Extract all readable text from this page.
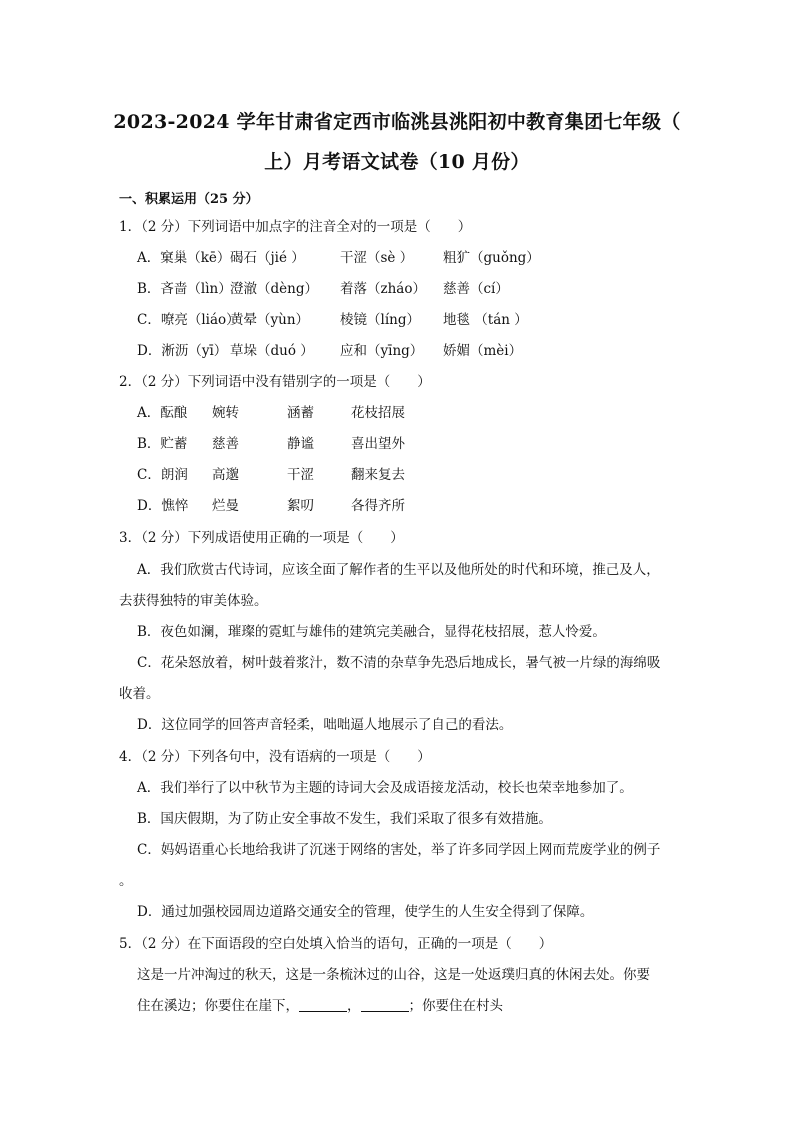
2023-2024 学年甘肃省定西市临洮县洮阳初中教育集团七年级（
上）月考语文试卷（10 月份）
一、积累运用（25 分）
1．（2 分）下列词语中加点字的注音全对的一项是（　　）
A．窠巢（kē）碣石（jié ）	干涩（sè ） 粗犷（guǒng）
B．吝啬（lìn）澄澈（dèng） 着落（zháo） 慈善（cí）
C．嘹亮（liáo）黄晕（yùn） 棱镜（líng） 地毯 （tán ）
D．淅沥（yī） 草垛（duó ） 应和（yīng） 娇媚（mèi）
2．（2 分）下列词语中没有错别字的一项是（　　）
A．酝酿 婉转	涵蓄	花枝招展
B．贮蓄 慈善	静谧	喜出望外
C．朗润 高邈	干涩	翻来复去
D．憔悴 烂曼	絮叨	各得齐所
3．（2 分）下列成语使用正确的一项是（　　）
A．我们欣赏古代诗词，应该全面了解作者的生平以及他所处的时代和环境，推己及人，
去获得独特的审美体验。
B．夜色如澜，璀璨的霓虹与雄伟的建筑完美融合，显得花枝招展，惹人怜爱。
C．花朵怒放着，树叶鼓着浆汁，数不清的杂草争先恐后地成长，暑气被一片绿的海绵吸
收着。
D．这位同学的回答声音轻柔，咄咄逼人地展示了自己的看法。
4．（2 分）下列各句中，没有语病的一项是（　　）
A．我们举行了以中秋节为主题的诗词大会及成语接龙活动，校长也荣幸地参加了。
B．国庆假期，为了防止安全事故不发生，我们采取了很多有效措施。
C．妈妈语重心长地给我讲了沉迷于网络的害处，举了许多同学因上网而荒废学业的例子
。
D．通过加强校园周边道路交通安全的管理，使学生的人生安全得到了保障。
5．（2 分）在下面语段的空白处填入恰当的语句，正确的一项是（　　）
这是一片冲淘过的秋天，这是一条梳沐过的山谷，这是一处返璞归真的休闲去处。你要
住在溪边；你要住在崖下，	，	；你要住在村头
